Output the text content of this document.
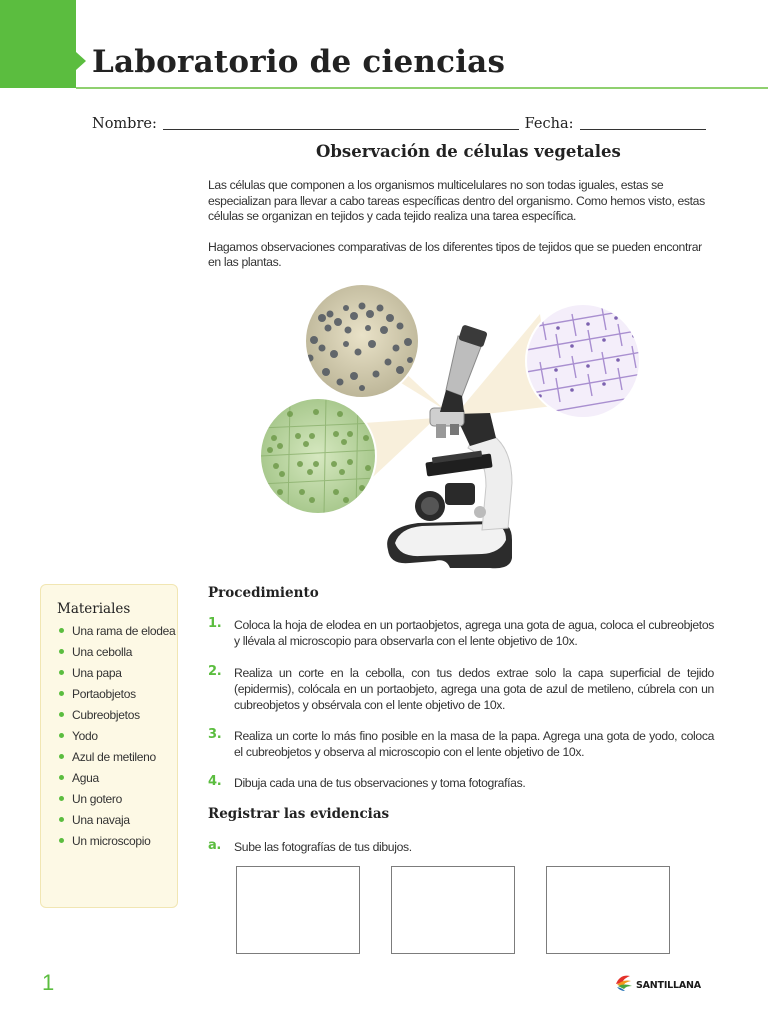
Laboratorio de ciencias
Nombre:	Fecha:
Observación de células vegetales

Las células que componen a los organismos multicelulares no son todas iguales, estas se especializan para llevar a cabo tareas específicas dentro del organismo. Como hemos visto, estas células se organizan en tejidos y cada tejido realiza una tarea específica.

Hagamos observaciones comparativas de los diferentes tipos de tejidos que se pueden encontrar en las plantas.

Materiales
Una rama de elodea
Una cebolla
Una papa
Portaobjetos
Cubreobjetos
Yodo
Azul de metileno
Agua
Un gotero
Una navaja
Un microscopio
Procedimiento
1. Coloca la hoja de elodea en un portaobjetos, agrega una gota de agua, coloca el cubreobjetos y llévala al microscopio para observarla con el lente objetivo de 10x.
2. Realiza un corte en la cebolla, con tus dedos extrae solo la capa superficial de tejido (epidermis), colócala en un portaobjeto, agrega una gota de azul de metileno, cúbrela con un cubreobjetos y obsérvala con el lente objetivo de 10x.
3. Realiza un corte lo más fino posible en la masa de la papa. Agrega una gota de yodo, coloca el cubreobjetos y observa al microscopio con el lente objetivo de 10x.
4. Dibuja cada una de tus observaciones y toma fotografías.
Registrar las evidencias
a. Sube las fotografías de tus dibujos.
1	SANTILLANA
